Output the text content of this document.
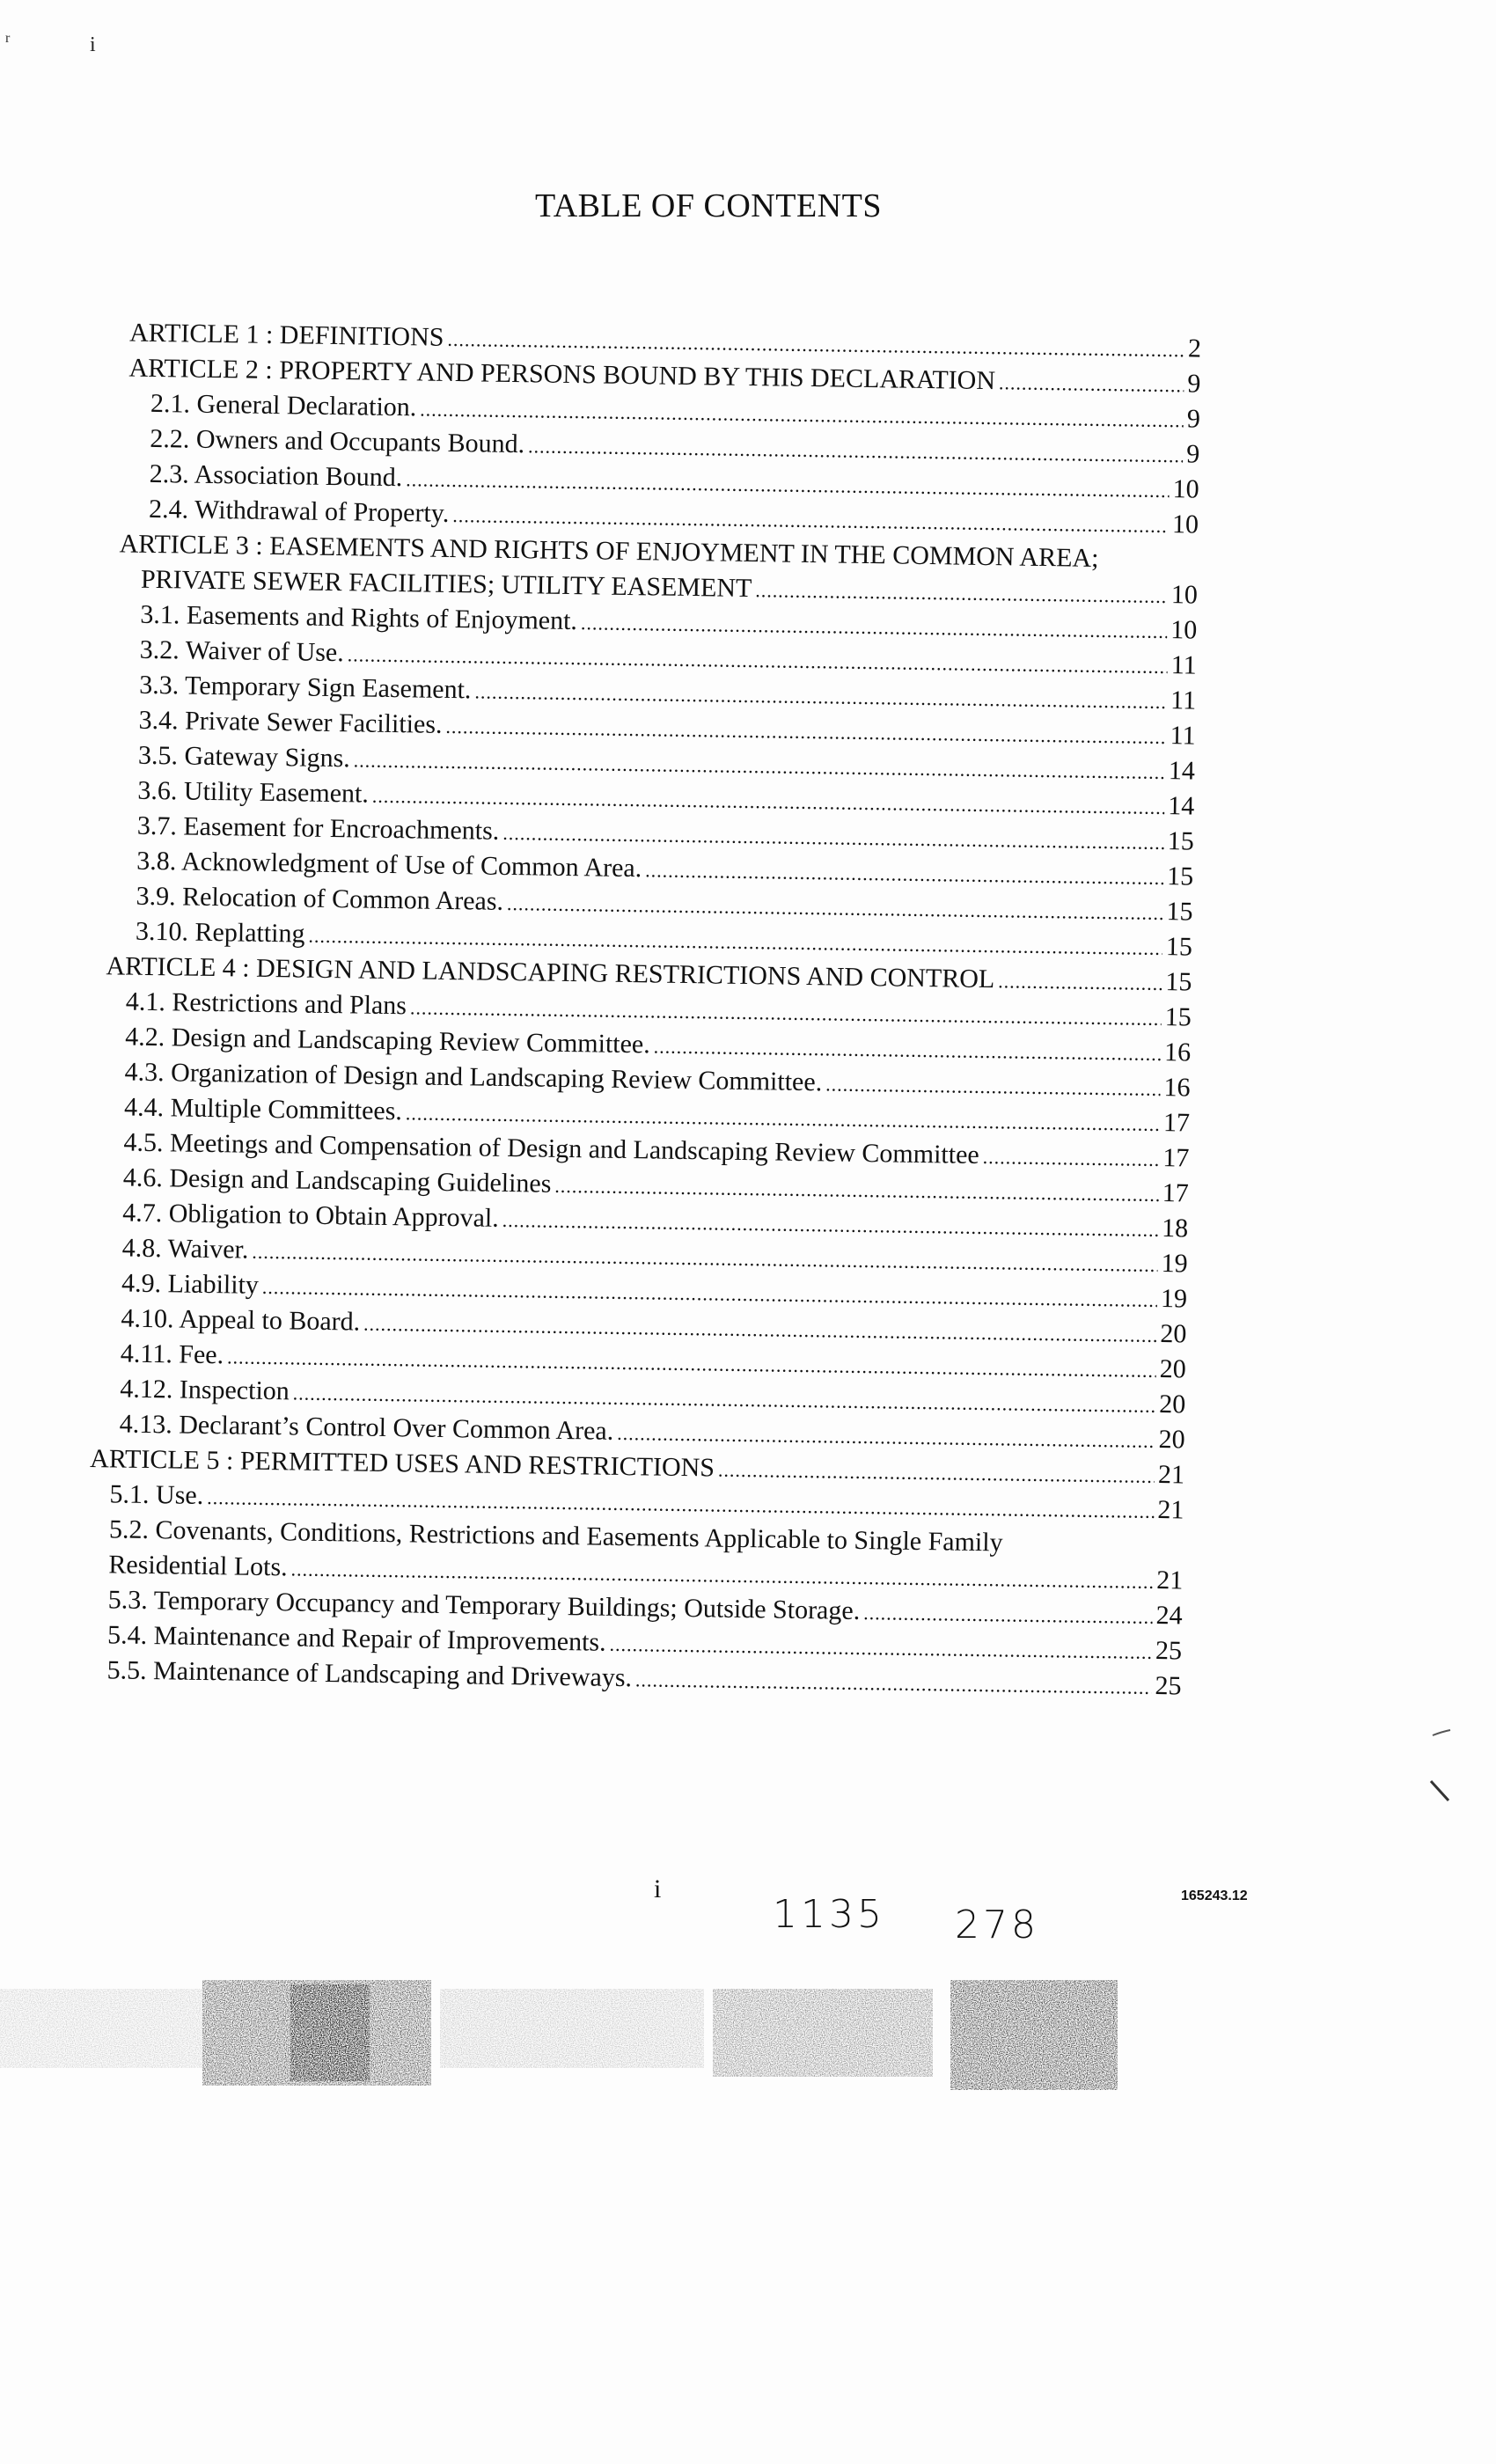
TABLE OF CONTENTS
ARTICLE 1 : DEFINITIONS .....	2
ARTICLE 2 : PROPERTY AND PERSONS BOUND BY THIS DECLARATION .....	9
2.1. General Declaration. .....	9
2.2. Owners and Occupants Bound. .....	9
2.3. Association Bound. .....	10
2.4. Withdrawal of Property. .....	10
ARTICLE 3 : EASEMENTS AND RIGHTS OF ENJOYMENT IN THE COMMON AREA;
PRIVATE SEWER FACILITIES; UTILITY EASEMENT .....	10
3.1. Easements and Rights of Enjoyment. .....	10
3.2. Waiver of Use. .....	11
3.3. Temporary Sign Easement. .....	11
3.4. Private Sewer Facilities. .....	11
3.5. Gateway Signs. .....	14
3.6. Utility Easement. .....	14
3.7. Easement for Encroachments. .....	15
3.8. Acknowledgment of Use of Common Area. .....	15
3.9. Relocation of Common Areas. .....	15
3.10. Replatting .....	15
ARTICLE 4 : DESIGN AND LANDSCAPING RESTRICTIONS AND CONTROL .....	15
4.1. Restrictions and Plans .....	15
4.2. Design and Landscaping Review Committee. .....	16
4.3. Organization of Design and Landscaping Review Committee. .....	16
4.4. Multiple Committees. .....	17
4.5. Meetings and Compensation of Design and Landscaping Review Committee .....	17
4.6. Design and Landscaping Guidelines .....	17
4.7. Obligation to Obtain Approval. .....	18
4.8. Waiver. .....	19
4.9. Liability .....	19
4.10. Appeal to Board. .....	20
4.11. Fee. .....	20
4.12. Inspection .....	20
4.13. Declarant’s Control Over Common Area. .....	20
ARTICLE 5 : PERMITTED USES AND RESTRICTIONS .....	21
5.1. Use. .....	21
5.2. Covenants, Conditions, Restrictions and Easements Applicable to Single Family
Residential Lots. .....	21
5.3. Temporary Occupancy and Temporary Buildings; Outside Storage. .....	24
5.4. Maintenance and Repair of Improvements. .....	25
5.5. Maintenance of Landscaping and Driveways. .....	25
i
1135 278
165243.12
r	i
